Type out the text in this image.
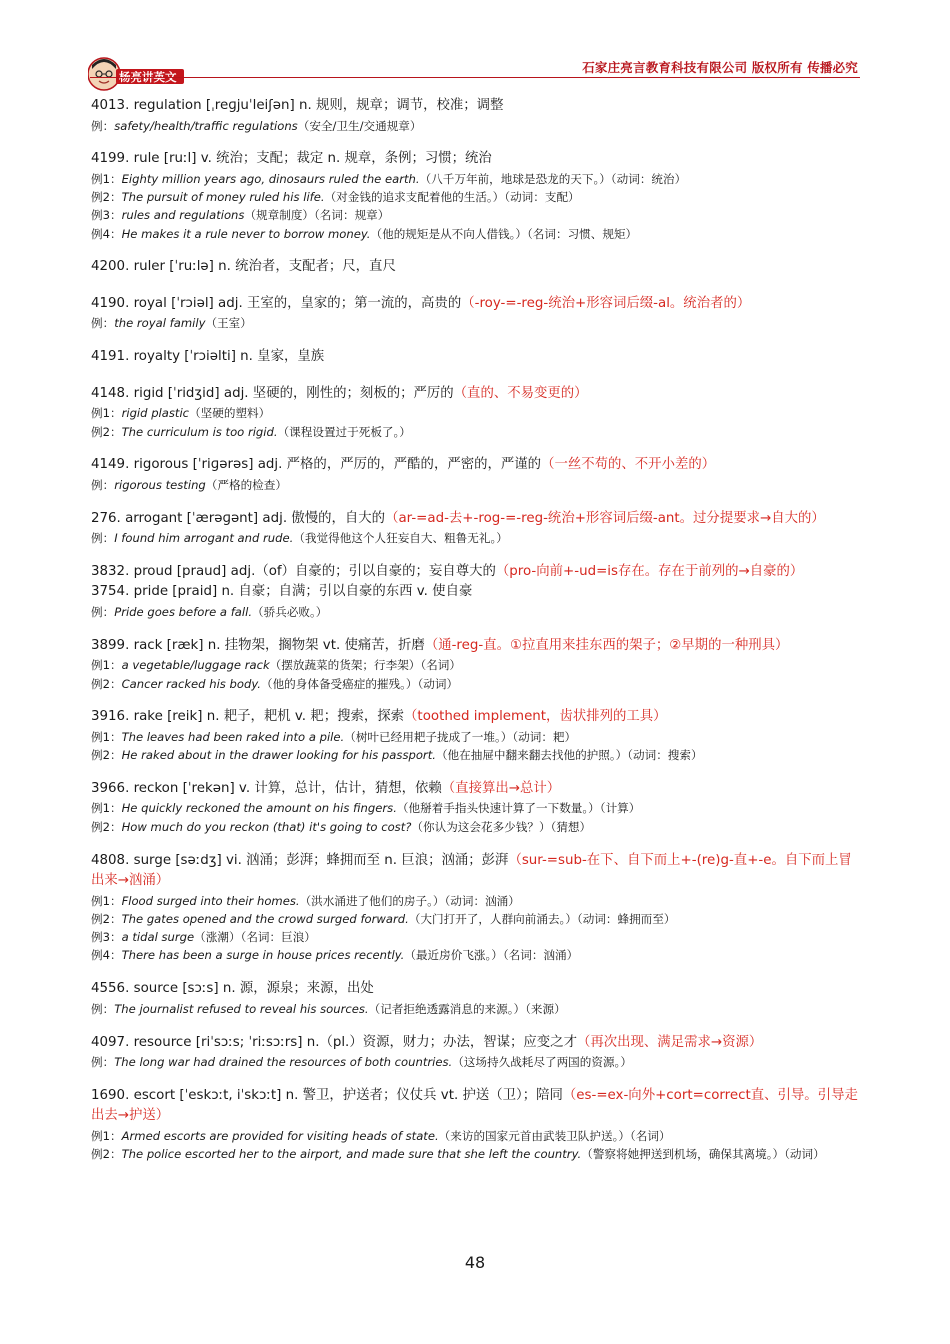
杨亮讲英文
石家庄亮言教育科技有限公司 版权所有 传播必究
4013. regulation [ˌreɡjuˈleiʃən] n. 规则，规章；调节，校准；调整
例：safety/health/traffic regulations（安全/卫生/交通规章）
4199. rule [ruːl] v. 统治；支配；裁定 n. 规章，条例；习惯；统治
例1：Eighty million years ago, dinosaurs ruled the earth.（八千万年前，地球是恐龙的天下。）（动词：统治）
例2：The pursuit of money ruled his life.（对金钱的追求支配着他的生活。）（动词：支配）
例3：rules and regulations（规章制度）（名词：规章）
例4：He makes it a rule never to borrow money.（他的规矩是从不向人借钱。）（名词：习惯、规矩）
4200. ruler [ˈruːlə] n. 统治者，支配者；尺，直尺
4190. royal [ˈrɔiəl] adj. 王室的，皇家的；第一流的，高贵的（-roy-=-reg-统治+形容词后缀-al。统治者的）
例：the royal family（王室）
4191. royalty [ˈrɔiəlti] n. 皇家，皇族
4148. rigid [ˈridʒid] adj. 坚硬的，刚性的；刻板的；严厉的（直的、不易变更的）
例1：rigid plastic（坚硬的塑料）
例2：The curriculum is too rigid.（课程设置过于死板了。）
4149. rigorous [ˈriɡərəs] adj. 严格的，严厉的，严酷的，严密的，严谨的（一丝不苟的、不开小差的）
例：rigorous testing（严格的检查）
276. arrogant [ˈærəɡənt] adj. 傲慢的，自大的（ar-=ad-去+-rog-=-reg-统治+形容词后缀-ant。过分提要求→自大的）
例：I found him arrogant and rude.（我觉得他这个人狂妄自大、粗鲁无礼。）
3832. proud [praud] adj.（of）自豪的；引以自豪的；妄自尊大的（pro-向前+-ud=is存在。存在于前列的→自豪的）
3754. pride [praid] n. 自豪；自满；引以自豪的东西 v. 使自豪
例：Pride goes before a fall.（骄兵必败。）
3899. rack [ræk] n. 挂物架，搁物架 vt. 使痛苦，折磨（通-reg-直。①拉直用来挂东西的架子；②早期的一种刑具）
例1：a vegetable/luggage rack（摆放蔬菜的货架；行李架）（名词）
例2：Cancer racked his body.（他的身体备受癌症的摧残。）（动词）
3916. rake [reik] n. 耙子，耙机 v. 耙；搜索，探索（toothed implement，齿状排列的工具）
例1：The leaves had been raked into a pile.（树叶已经用耙子拢成了一堆。）（动词：耙）
例2：He raked about in the drawer looking for his passport.（他在抽屉中翻来翻去找他的护照。）（动词：搜索）
3966. reckon [ˈrekən] v. 计算，总计，估计，猜想，依赖（直接算出→总计）
例1：He quickly reckoned the amount on his fingers.（他掰着手指头快速计算了一下数量。）（计算）
例2：How much do you reckon (that) it's going to cost?（你认为这会花多少钱？）（猜想）
4808. surge [səːdʒ] vi. 汹涌；彭湃；蜂拥而至 n. 巨浪；汹涌；彭湃（sur-=sub-在下、自下而上+-(re)g-直+-e。自下而上冒出来→汹涌）
例1：Flood surged into their homes.（洪水涌进了他们的房子。）（动词：汹涌）
例2：The gates opened and the crowd surged forward.（大门打开了，人群向前涌去。）（动词：蜂拥而至）
例3：a tidal surge（涨潮）（名词：巨浪）
例4：There has been a surge in house prices recently.（最近房价飞涨。）（名词：汹涌）
4556. source [sɔːs] n. 源，源泉；来源，出处
例：The journalist refused to reveal his sources.（记者拒绝透露消息的来源。）（来源）
4097. resource [riˈsɔːs; ˈriːsɔːrs] n.（pl.）资源，财力；办法，智谋；应变之才（再次出现、满足需求→资源）
例：The long war had drained the resources of both countries.（这场持久战耗尽了两国的资源。）
1690. escort [ˈeskɔːt, iˈskɔːt] n. 警卫，护送者；仪仗兵 vt. 护送（卫）；陪同（es-=ex-向外+cort=correct直、引导。引导走出去→护送）
例1：Armed escorts are provided for visiting heads of state.（来访的国家元首由武装卫队护送。）（名词）
例2：The police escorted her to the airport, and made sure that she left the country.（警察将她押送到机场，确保其离境。）（动词）
48
